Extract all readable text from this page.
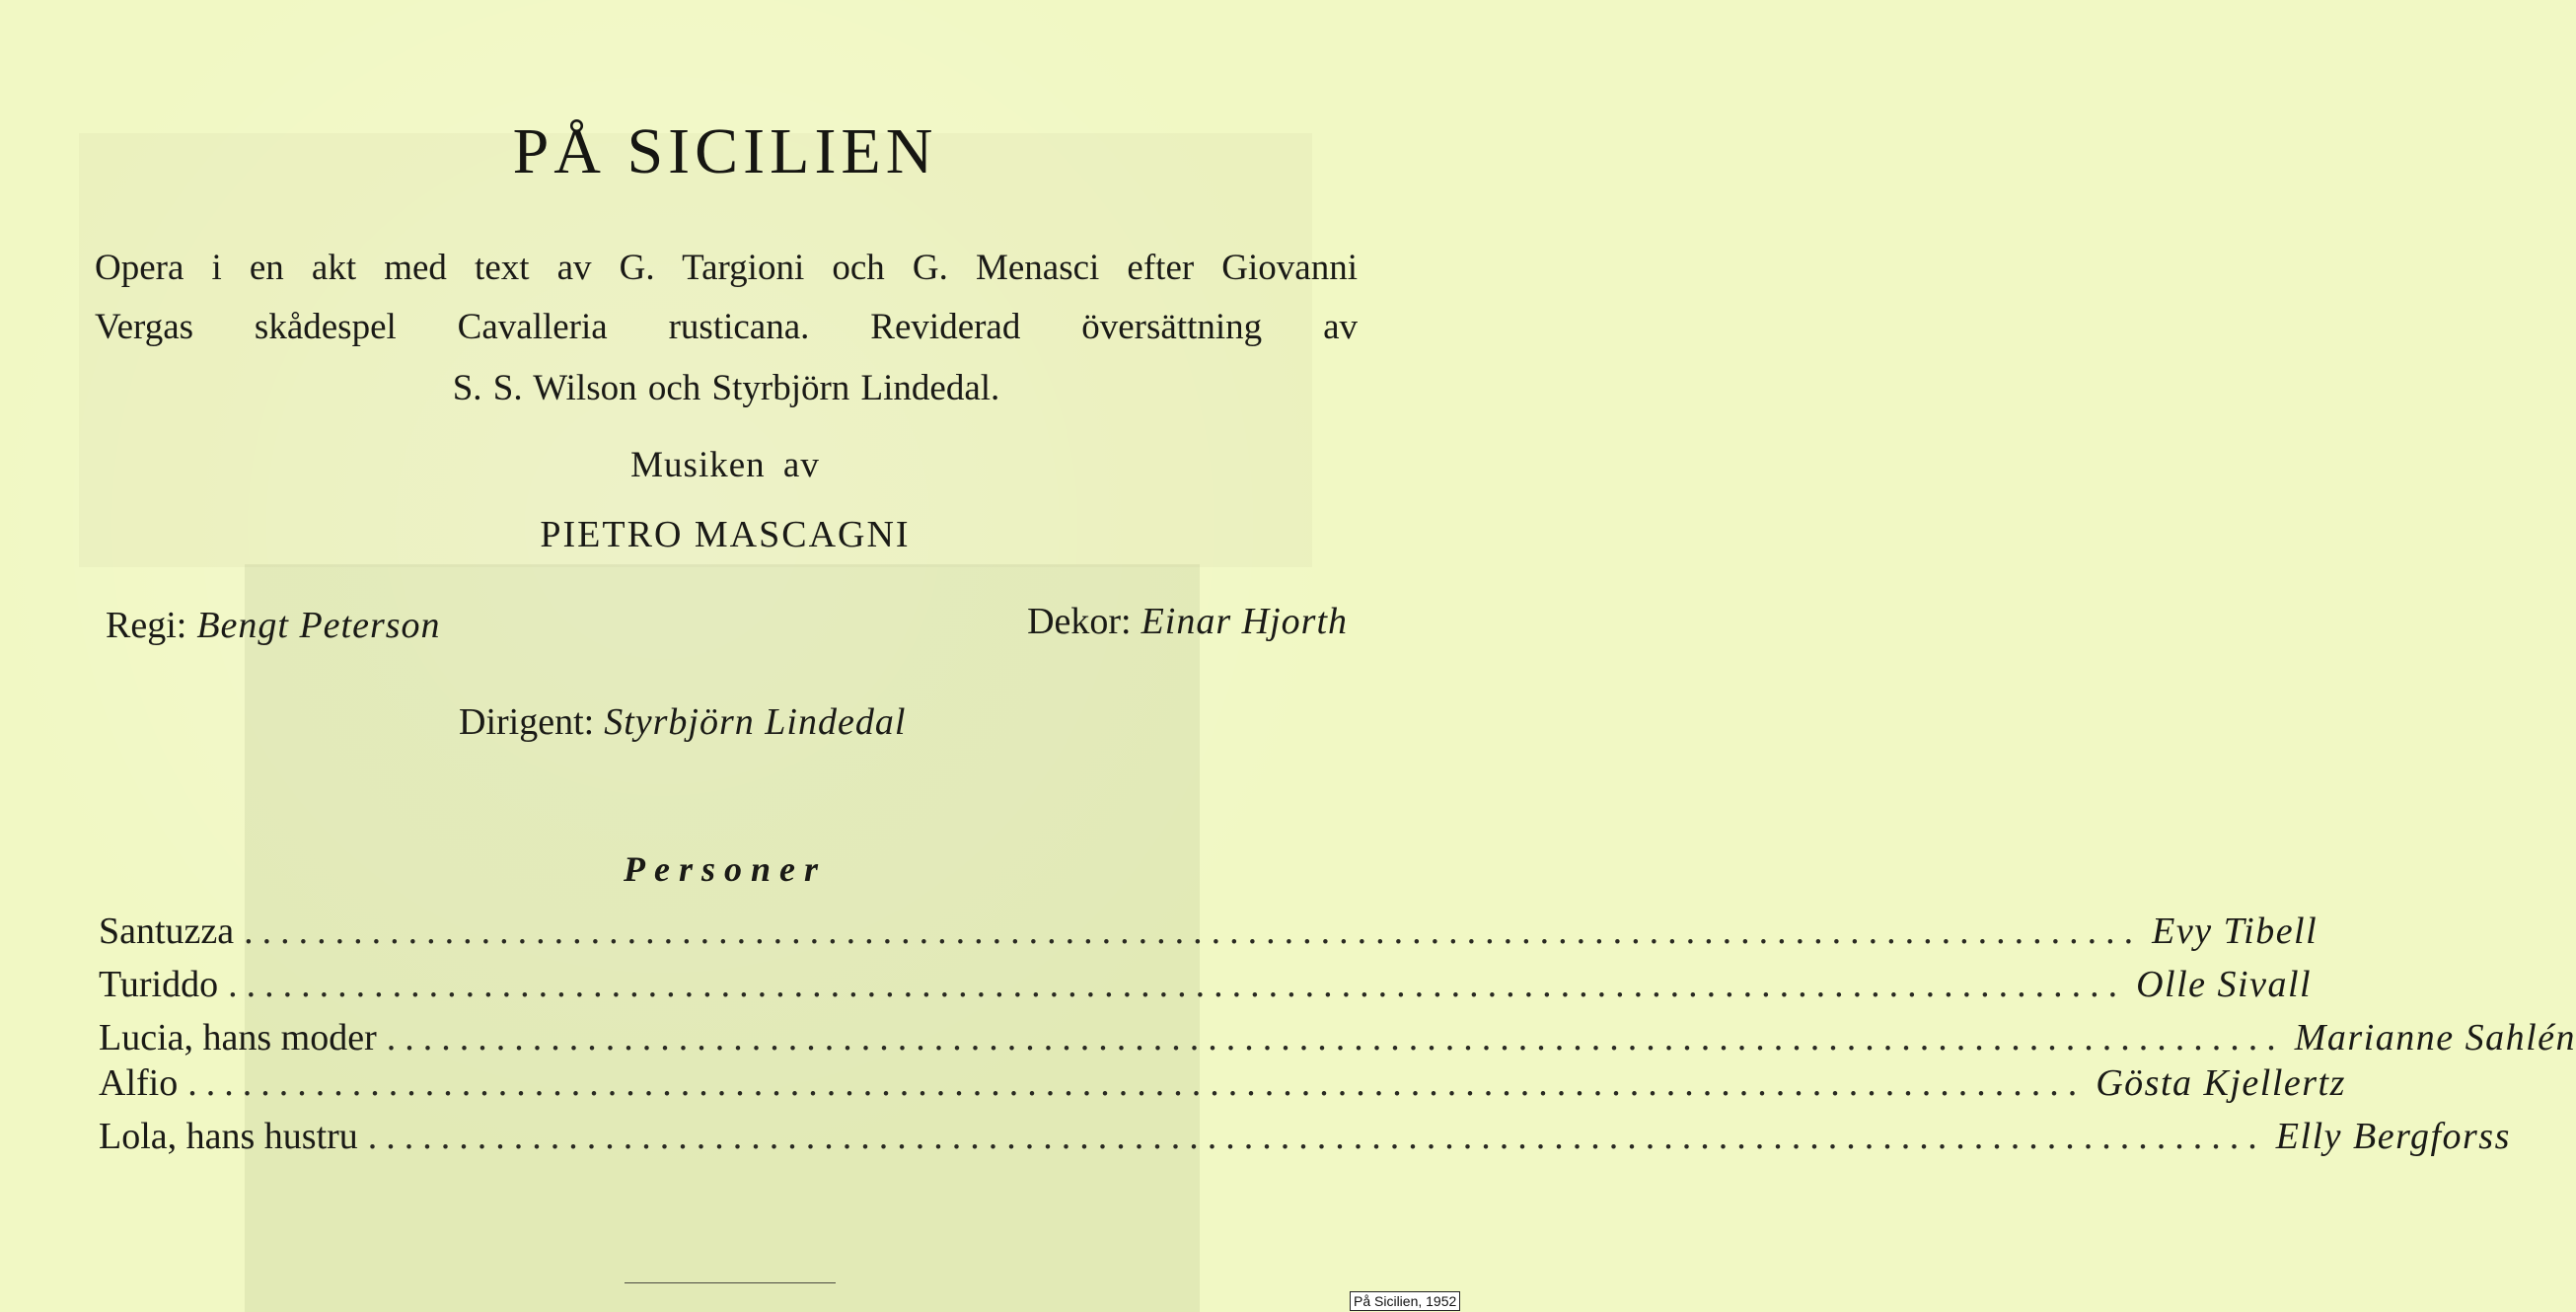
PÅ SICILIEN
Opera i en akt med text av G. Targioni och G. Menasci efter Giovanni
Vergas skådespel Cavalleria rusticana. Reviderad översättning av
S. S. Wilson och Styrbjörn Lindedal.
Musiken av
PIETRO MASCAGNI
Regi: Bengt Peterson	Dekor: Einar Hjorth
Dirigent: Styrbjörn Lindedal
Personer
Santuzza ........................................................................................................ Evy Tibell
Turiddo ........................................................................................................ Olle Sivall
Lucia, hans moder ........................................................................................................ Marianne Sahlén
Alfio ........................................................................................................ Gösta Kjellertz
Lola, hans hustru ........................................................................................................ Elly Bergforss
På Sicilien, 1952
